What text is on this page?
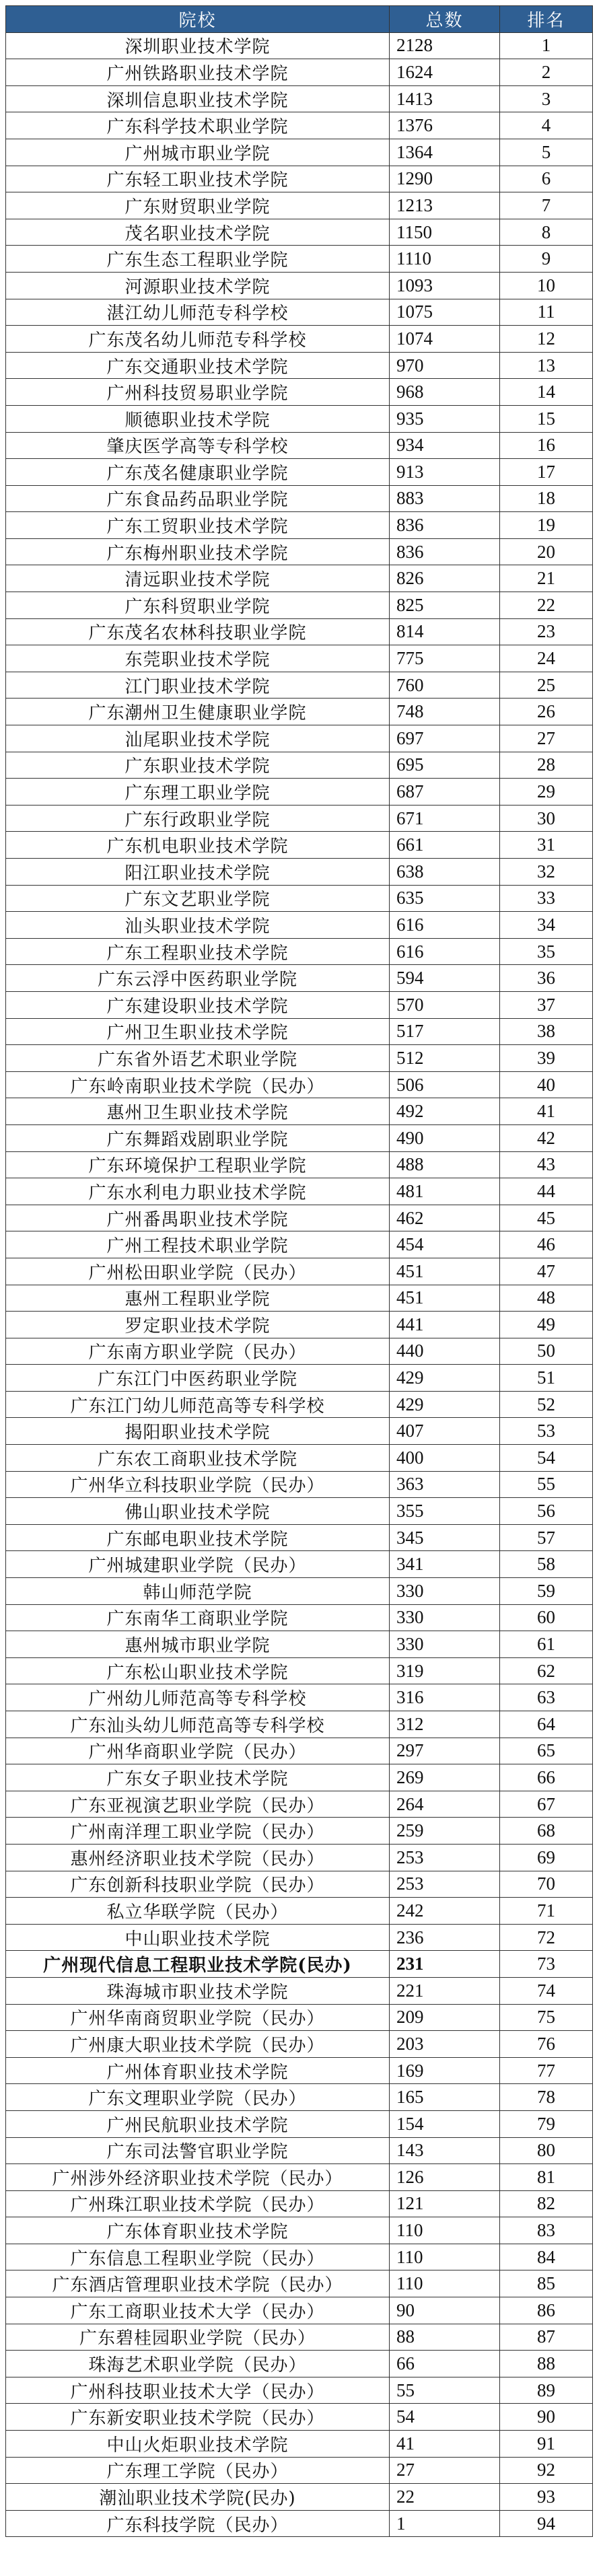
院校	总数	排名
深圳职业技术学院	2128	1
广州铁路职业技术学院	1624	2
深圳信息职业技术学院	1413	3
广东科学技术职业学院	1376	4
广州城市职业学院	1364	5
广东轻工职业技术学院	1290	6
广东财贸职业学院	1213	7
茂名职业技术学院	1150	8
广东生态工程职业学院	1110	9
河源职业技术学院	1093	10
湛江幼儿师范专科学校	1075	11
广东茂名幼儿师范专科学校	1074	12
广东交通职业技术学院	970	13
广州科技贸易职业学院	968	14
顺德职业技术学院	935	15
肇庆医学高等专科学校	934	16
广东茂名健康职业学院	913	17
广东食品药品职业学院	883	18
广东工贸职业技术学院	836	19
广东梅州职业技术学院	836	20
清远职业技术学院	826	21
广东科贸职业学院	825	22
广东茂名农林科技职业学院	814	23
东莞职业技术学院	775	24
江门职业技术学院	760	25
广东潮州卫生健康职业学院	748	26
汕尾职业技术学院	697	27
广东职业技术学院	695	28
广东理工职业学院	687	29
广东行政职业学院	671	30
广东机电职业技术学院	661	31
阳江职业技术学院	638	32
广东文艺职业学院	635	33
汕头职业技术学院	616	34
广东工程职业技术学院	616	35
广东云浮中医药职业学院	594	36
广东建设职业技术学院	570	37
广州卫生职业技术学院	517	38
广东省外语艺术职业学院	512	39
广东岭南职业技术学院（民办）	506	40
惠州卫生职业技术学院	492	41
广东舞蹈戏剧职业学院	490	42
广东环境保护工程职业学院	488	43
广东水利电力职业技术学院	481	44
广州番禺职业技术学院	462	45
广州工程技术职业学院	454	46
广州松田职业学院（民办）	451	47
惠州工程职业学院	451	48
罗定职业技术学院	441	49
广东南方职业学院（民办）	440	50
广东江门中医药职业学院	429	51
广东江门幼儿师范高等专科学校	429	52
揭阳职业技术学院	407	53
广东农工商职业技术学院	400	54
广州华立科技职业学院（民办）	363	55
佛山职业技术学院	355	56
广东邮电职业技术学院	345	57
广州城建职业学院（民办）	341	58
韩山师范学院	330	59
广东南华工商职业学院	330	60
惠州城市职业学院	330	61
广东松山职业技术学院	319	62
广州幼儿师范高等专科学校	316	63
广东汕头幼儿师范高等专科学校	312	64
广州华商职业学院（民办）	297	65
广东女子职业技术学院	269	66
广东亚视演艺职业学院（民办）	264	67
广州南洋理工职业学院（民办）	259	68
惠州经济职业技术学院（民办）	253	69
广东创新科技职业学院（民办）	253	70
私立华联学院（民办）	242	71
中山职业技术学院	236	72
广州现代信息工程职业技术学院(民办)	231	73
珠海城市职业技术学院	221	74
广州华南商贸职业学院（民办）	209	75
广州康大职业技术学院（民办）	203	76
广州体育职业技术学院	169	77
广东文理职业学院（民办）	165	78
广州民航职业技术学院	154	79
广东司法警官职业学院	143	80
广州涉外经济职业技术学院（民办）	126	81
广州珠江职业技术学院（民办）	121	82
广东体育职业技术学院	110	83
广东信息工程职业学院（民办）	110	84
广东酒店管理职业技术学院（民办）	110	85
广东工商职业技术大学（民办）	90	86
广东碧桂园职业学院（民办）	88	87
珠海艺术职业学院（民办）	66	88
广州科技职业技术大学（民办）	55	89
广东新安职业技术学院（民办）	54	90
中山火炬职业技术学院	41	91
广东理工学院（民办）	27	92
潮汕职业技术学院(民办)	22	93
广东科技学院（民办）	1	94
